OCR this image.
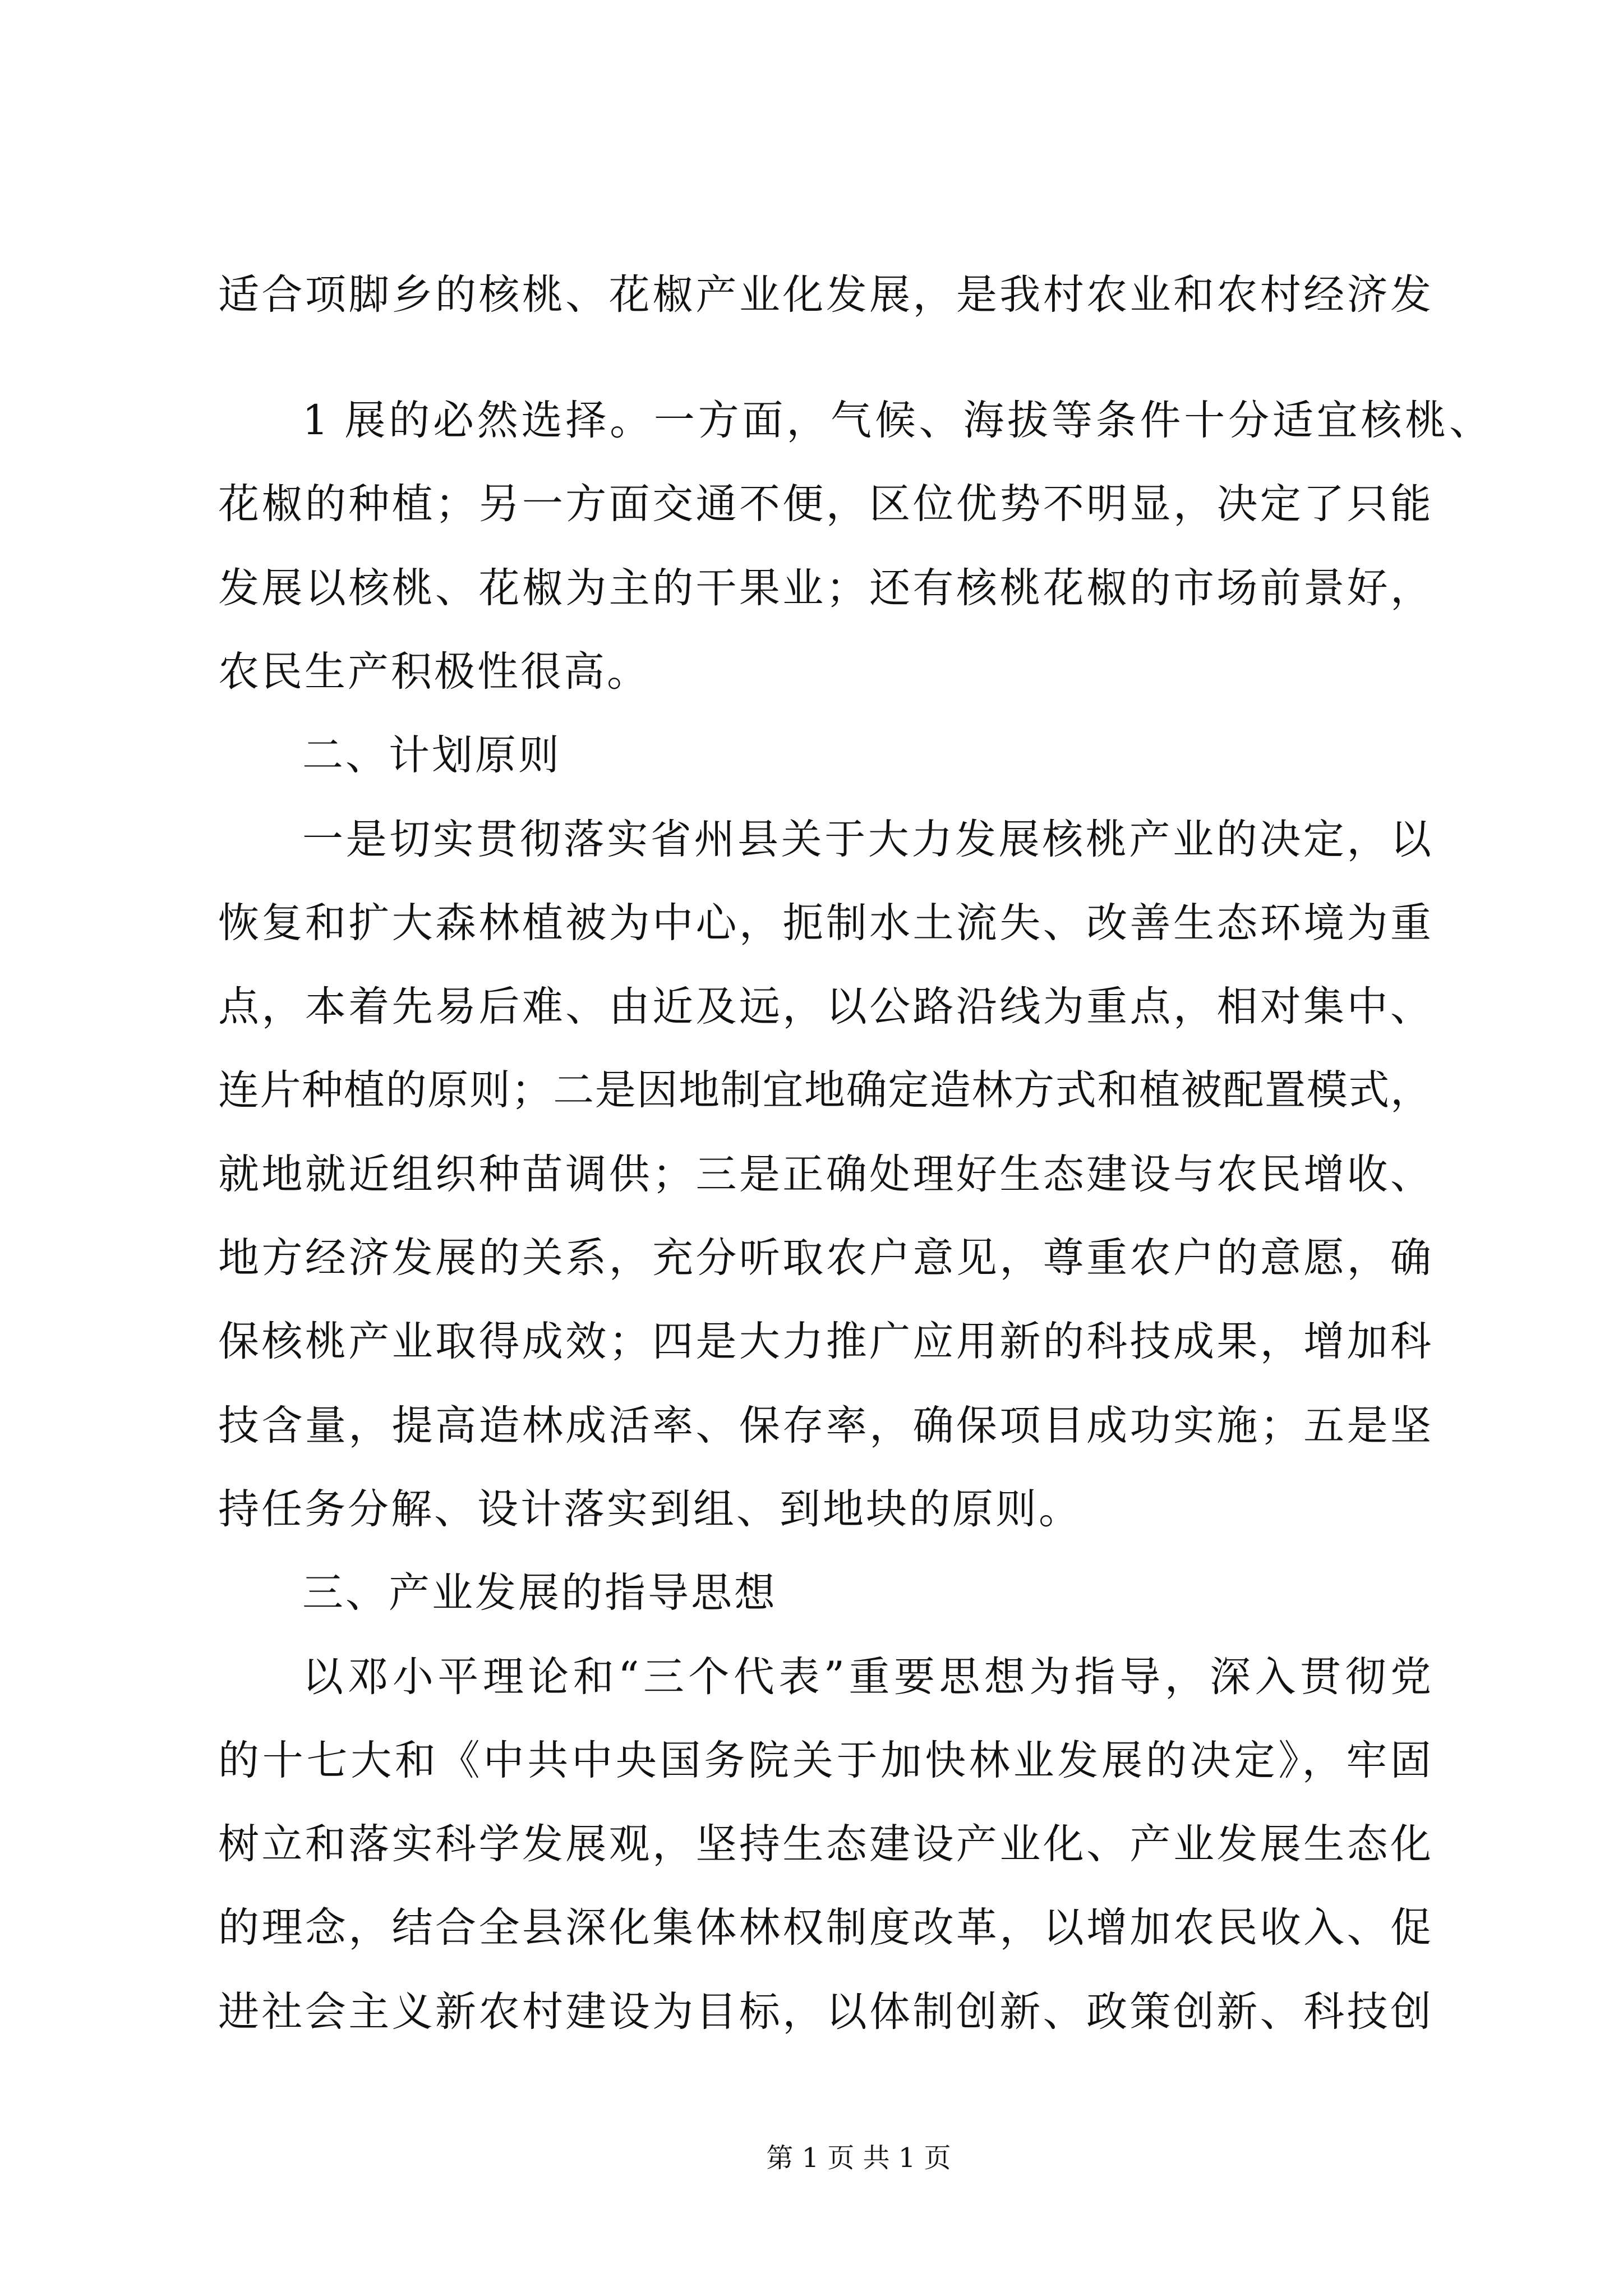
适合项脚乡的核桃、花椒产业化发展，是我村农业和农村经济发
1 展的必然选择。一方面，气候、海拔等条件十分适宜核桃、
花椒的种植；另一方面交通不便，区位优势不明显，决定了只能
发展以核桃、花椒为主的干果业；还有核桃花椒的市场前景好，
农民生产积极性很高。
二、计划原则
一是切实贯彻落实省州县关于大力发展核桃产业的决定，以
恢复和扩大森林植被为中心，扼制水土流失、改善生态环境为重
点，本着先易后难、由近及远，以公路沿线为重点，相对集中、
连片种植的原则；二是因地制宜地确定造林方式和植被配置模式，
就地就近组织种苗调供；三是正确处理好生态建设与农民增收、
地方经济发展的关系，充分听取农户意见，尊重农户的意愿，确
保核桃产业取得成效；四是大力推广应用新的科技成果，增加科
技含量，提高造林成活率、保存率，确保项目成功实施；五是坚
持任务分解、设计落实到组、到地块的原则。
三、产业发展的指导思想
以邓小平理论和“三个代表”重要思想为指导，深入贯彻党
的十七大和《中共中央国务院关于加快林业发展的决定》，牢固
树立和落实科学发展观，坚持生态建设产业化、产业发展生态化
的理念，结合全县深化集体林权制度改革，以增加农民收入、促
进社会主义新农村建设为目标，以体制创新、政策创新、科技创
第 1 页 共 1 页
